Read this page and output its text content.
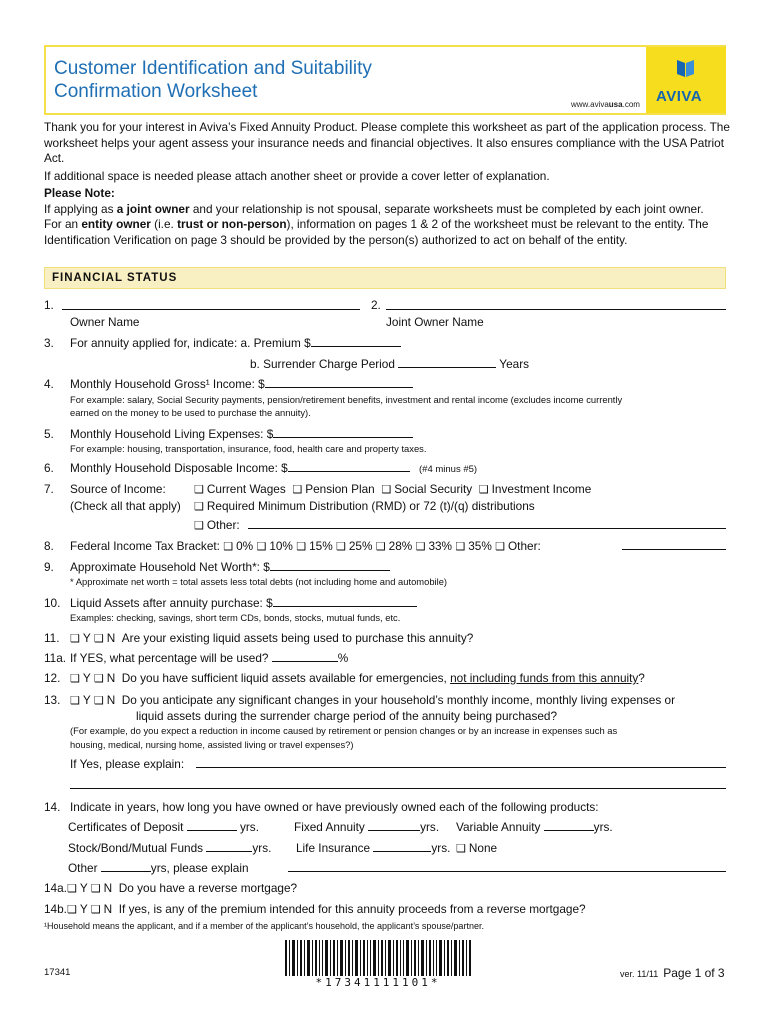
Customer Identification and Suitability
Confirmation Worksheet
www.avivausa.com AVIVA

Thank you for your interest in Aviva’s Fixed Annuity Product. Please complete this worksheet as part of the application process. The worksheet helps your agent assess your insurance needs and financial objectives. It also ensures compliance with the USA Patriot Act.

If additional space is needed please attach another sheet or provide a cover letter of explanation.

Please Note:

If applying as a joint owner and your relationship is not spousal, separate worksheets must be completed by each joint owner.

For an entity owner (i.e. trust or non-person), information on pages 1 & 2 of the worksheet must be relevant to the entity. The Identification Verification on page 3 should be provided by the person(s) authorized to act on behalf of the entity.

FINANCIAL STATUS
1.
Owner Name
2.
Joint Owner Name
3. For annuity applied for, indicate: a. Premium $
b. Surrender Charge Period	Years
4. Monthly Household Gross¹ Income: $
For example: salary, Social Security payments, pension/retirement benefits, investment and rental income (excludes income currently
earned on the money to be used to purchase the annuity).
5. Monthly Household Living Expenses: $
For example: housing, transportation, insurance, food, health care and property taxes.
6. Monthly Household Disposable Income: $	(#4 minus #5)
7. Source of Income:
(Check all that apply)
❑ Current Wages ❑ Pension Plan ❑ Social Security ❑ Investment Income
❑ Required Minimum Distribution (RMD) or 72 (t)/(q) distributions
❑ Other:
8. Federal Income Tax Bracket: ❑ 0% ❑ 10% ❑ 15% ❑ 25% ❑ 28% ❑ 33% ❑ 35% ❑ Other:
9. Approximate Household Net Worth*: $
* Approximate net worth = total assets less total debts (not including home and automobile)
10. Liquid Assets after annuity purchase: $
Examples: checking, savings, short term CDs, bonds, stocks, mutual funds, etc.
11. ❑ Y ❑ N Are your existing liquid assets being used to purchase this annuity?
11a. If YES, what percentage will be used?	%
12. ❑ Y ❑ N Do you have sufficient liquid assets available for emergencies, not including funds from this annuity?
13. ❑ Y ❑ N Do you anticipate any significant changes in your household’s monthly income, monthly living expenses or
liquid assets during the surrender charge period of the annuity being purchased?
(For example, do you expect a reduction in income caused by retirement or pension changes or by an increase in expenses such as
housing, medical, nursing home, assisted living or travel expenses?)
If Yes, please explain:
14. Indicate in years, how long you have owned or have previously owned each of the following products:
Certificates of Deposit	yrs.	Fixed Annuity	yrs. Variable Annuity	yrs.
Stock/Bond/Mutual Funds	yrs. Life Insurance	yrs. ❑ None
Other	yrs, please explain
14a.❑ Y ❑ N Do you have a reverse mortgage?
14b.❑ Y ❑ N If yes, is any of the premium intended for this annuity proceeds from a reverse mortgage?
¹Household means the applicant, and if a member of the applicant’s household, the applicant’s spouse/partner.
17341
*17341111101*
ver. 11/11 Page 1 of 3
